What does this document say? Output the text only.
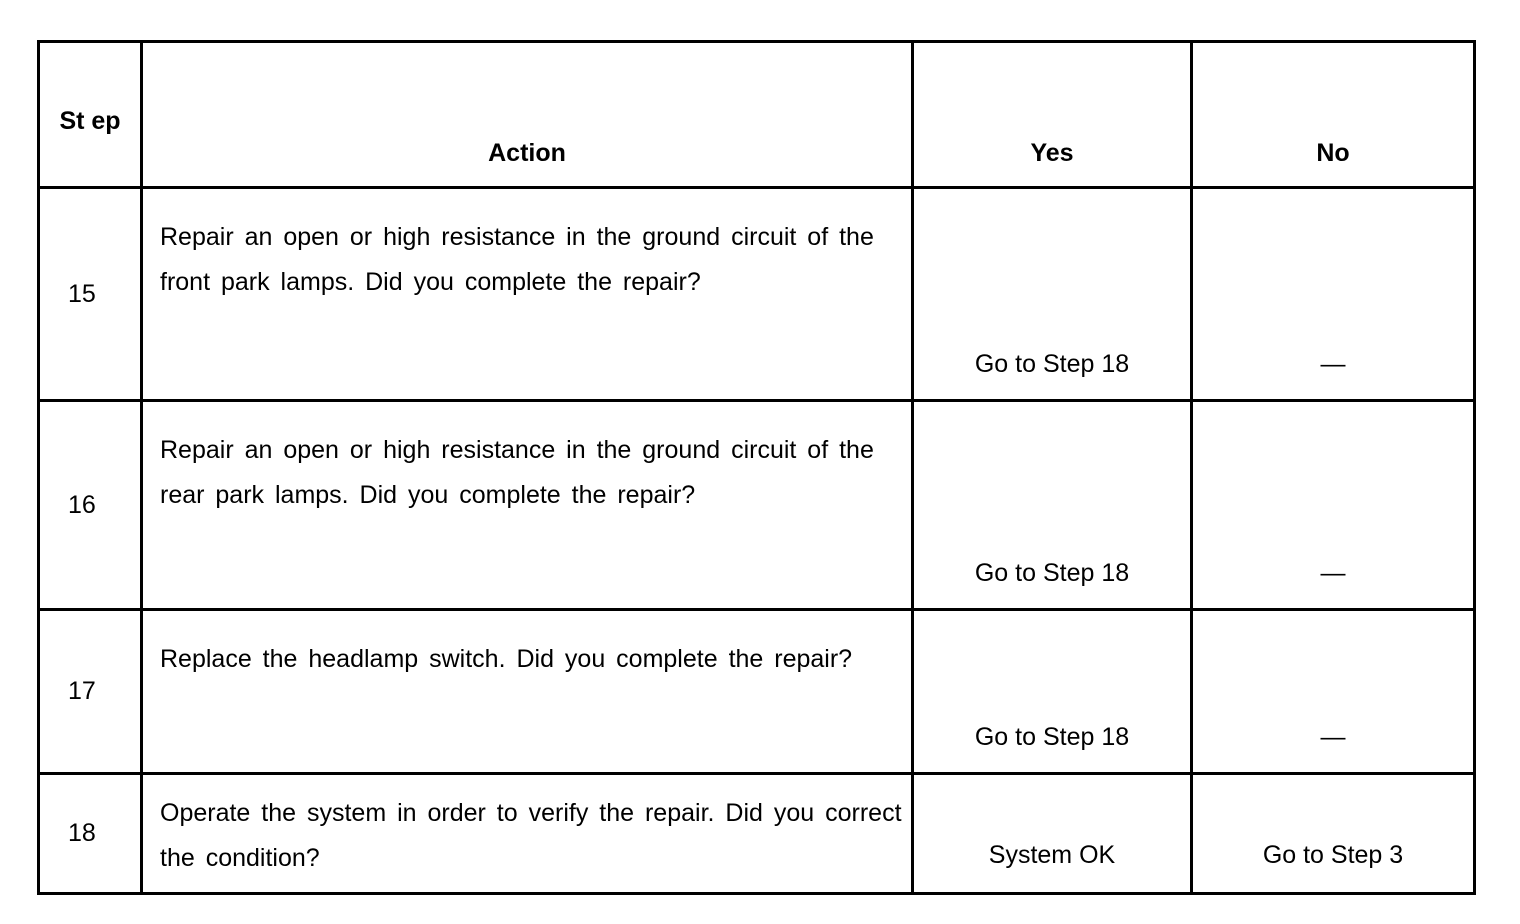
St ep	Action	Yes	No
15	Repair an open or high resistance in the ground circuit of the front park lamps. Did you complete the repair?	Go to Step 18	—
16	Repair an open or high resistance in the ground circuit of the rear park lamps. Did you complete the repair?	Go to Step 18	—
17	Replace the headlamp switch. Did you complete the repair?	Go to Step 18	—
18	Operate the system in order to verify the repair. Did you correct the condition?	System OK	Go to Step 3
